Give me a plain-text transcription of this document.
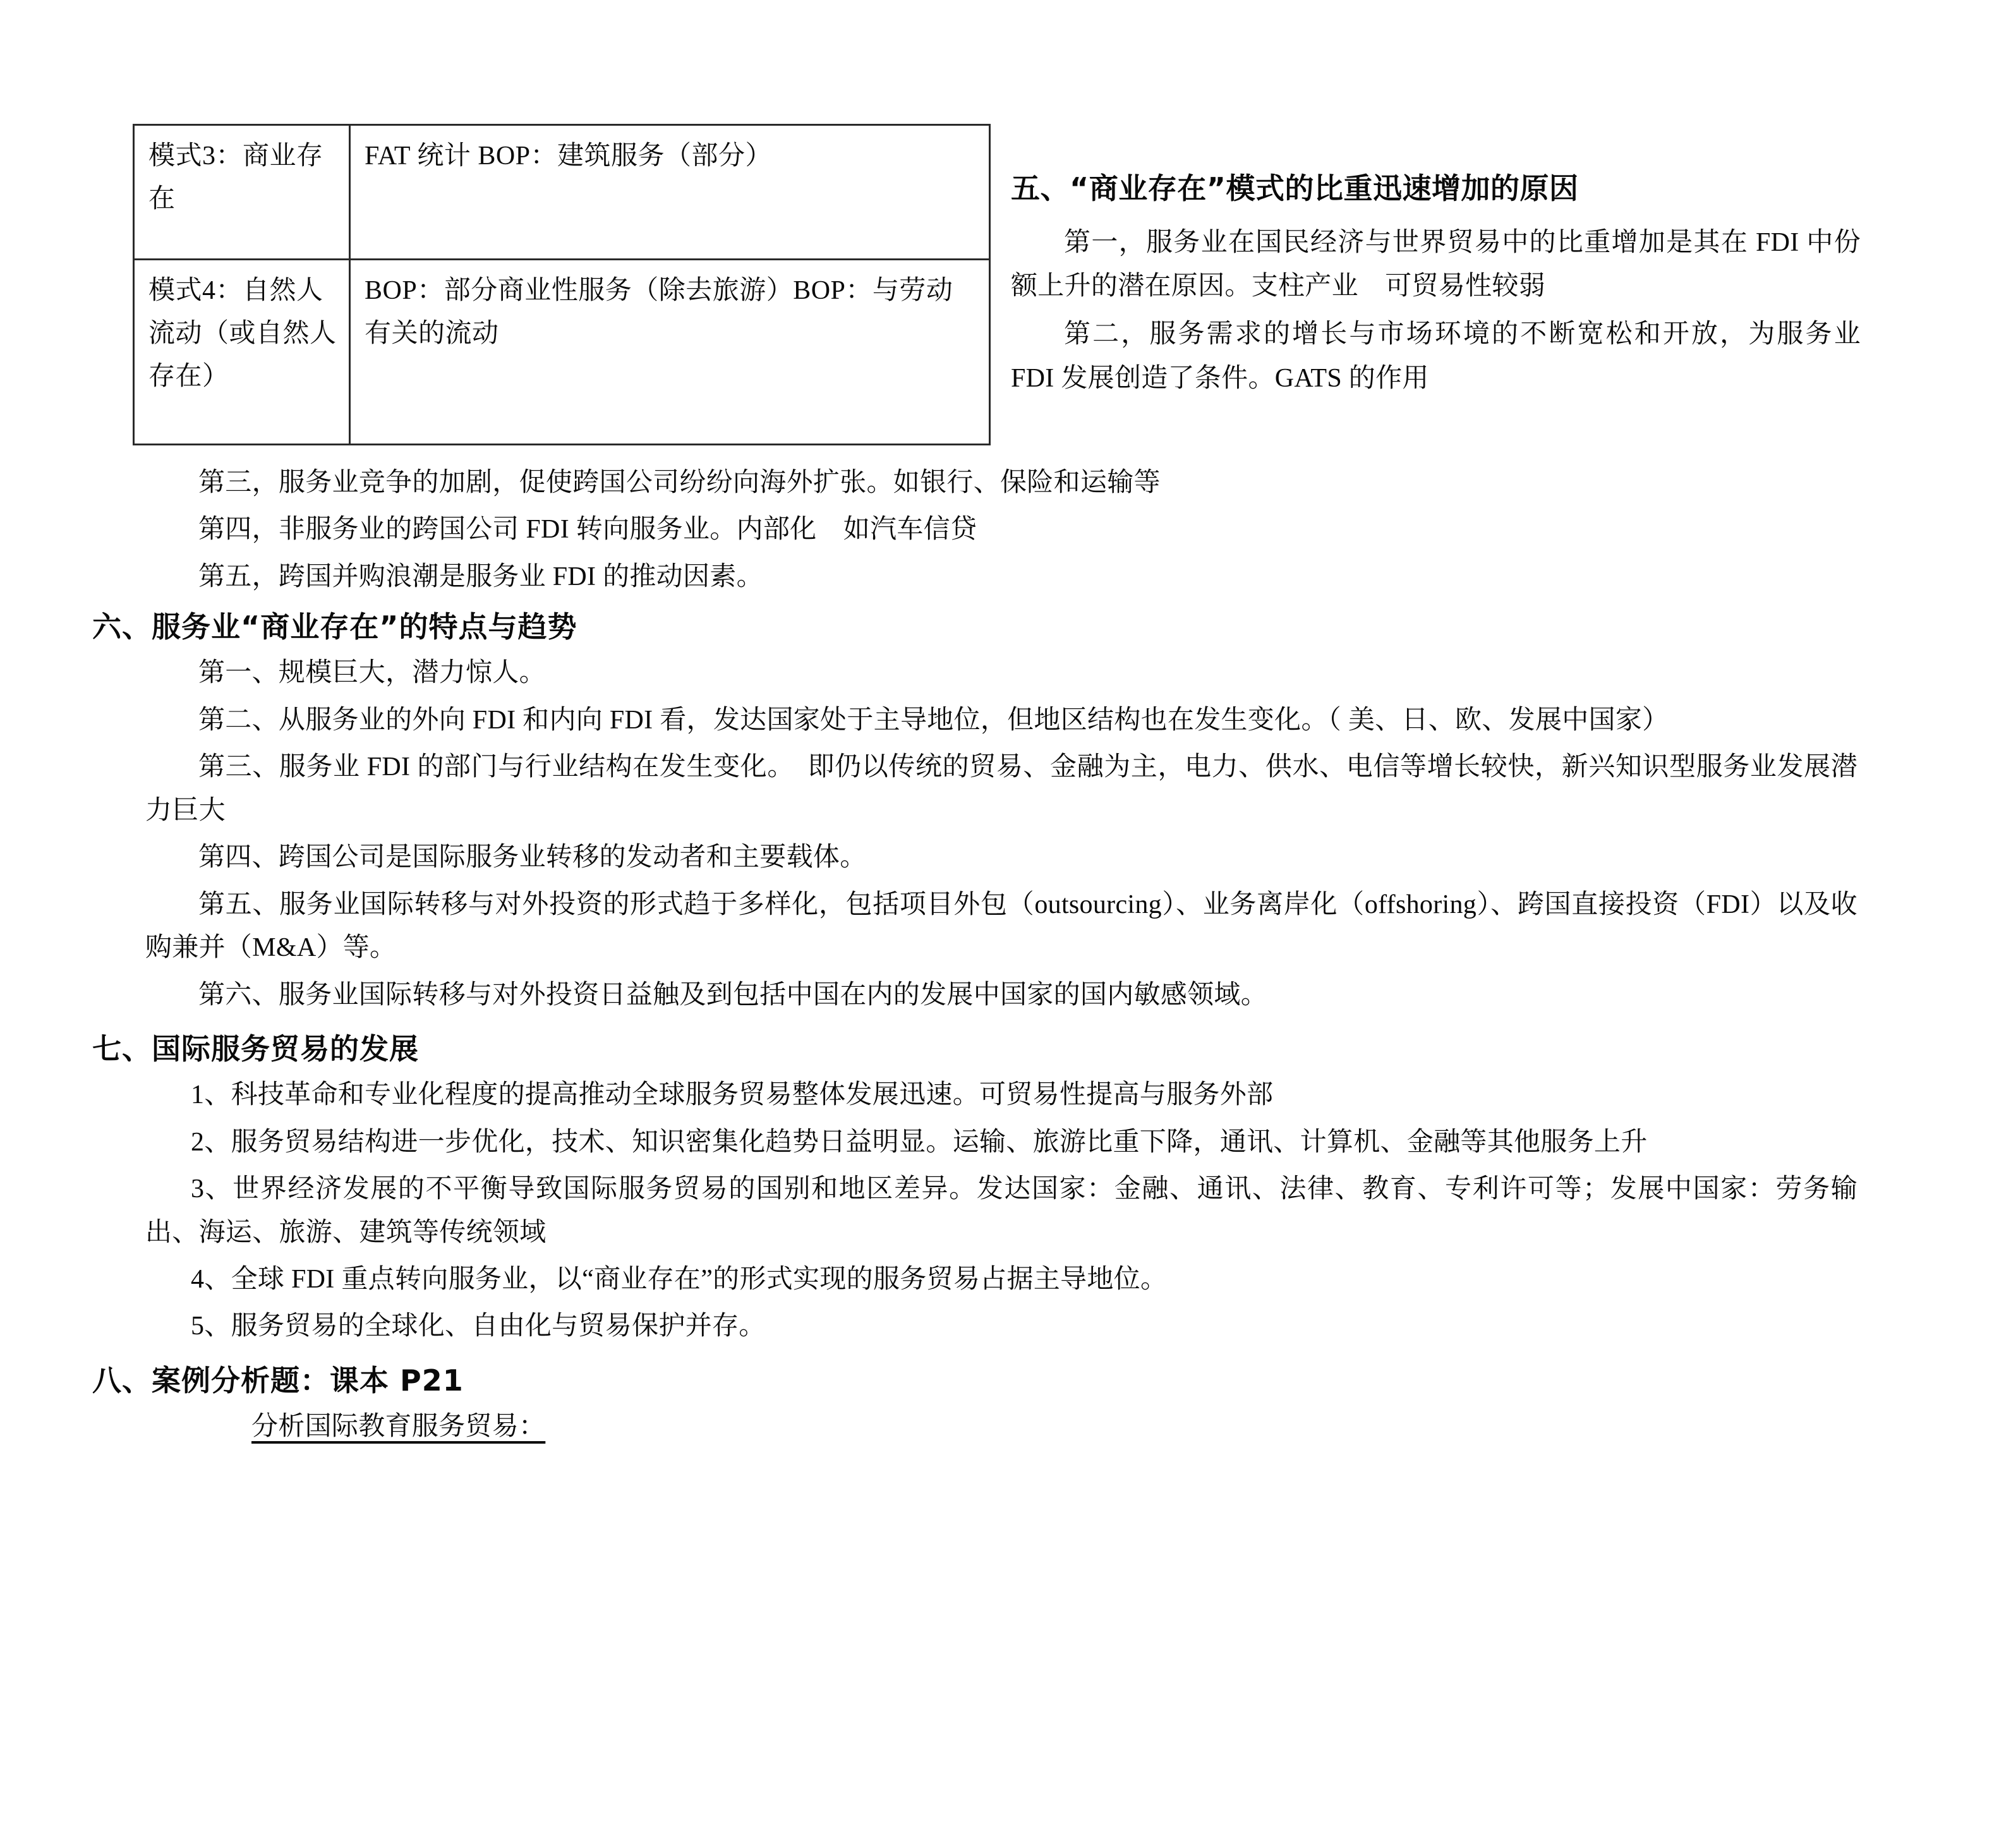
模式3：商业存在	FAT 统计 BOP：建筑服务（部分）
模式4：自然人流动（或自然人存在）	BOP：部分商业性服务（除去旅游）BOP：与劳动有关的流动
五、“商业存在”模式的比重迅速增加的原因

第一，服务业在国民经济与世界贸易中的比重增加是其在 FDI 中份额上升的潜在原因。支柱产业　可贸易性较弱

第二，服务需求的增长与市场环境的不断宽松和开放，为服务业 FDI 发展创造了条件。GATS 的作用

第三，服务业竞争的加剧，促使跨国公司纷纷向海外扩张。如银行、保险和运输等

第四，非服务业的跨国公司 FDI 转向服务业。内部化　如汽车信贷

第五，跨国并购浪潮是服务业 FDI 的推动因素。

六、服务业“商业存在”的特点与趋势

第一、规模巨大，潜力惊人。

第二、从服务业的外向 FDI 和内向 FDI 看，发达国家处于主导地位，但地区结构也在发生变化。（ 美、日、欧、发展中国家）

第三、服务业 FDI 的部门与行业结构在发生变化。　即仍以传统的贸易、金融为主，电力、供水、电信等增长较快，新兴知识型服务业发展潜力巨大

第四、跨国公司是国际服务业转移的发动者和主要载体。

第五、服务业国际转移与对外投资的形式趋于多样化，包括项目外包（outsourcing）、业务离岸化（offshoring）、跨国直接投资（FDI）以及收购兼并（M&A）等。

第六、服务业国际转移与对外投资日益触及到包括中国在内的发展中国家的国内敏感领域。

七、国际服务贸易的发展

1、科技革命和专业化程度的提高推动全球服务贸易整体发展迅速。可贸易性提高与服务外部

2、服务贸易结构进一步优化，技术、知识密集化趋势日益明显。运输、旅游比重下降，通讯、计算机、金融等其他服务上升

3、世界经济发展的不平衡导致国际服务贸易的国别和地区差异。发达国家：金融、通讯、法律、教育、专利许可等；发展中国家：劳务输出、海运、旅游、建筑等传统领域

4、全球 FDI 重点转向服务业，以“商业存在”的形式实现的服务贸易占据主导地位。

5、服务贸易的全球化、自由化与贸易保护并存。

八、案例分析题：课本 P21

分析国际教育服务贸易：
